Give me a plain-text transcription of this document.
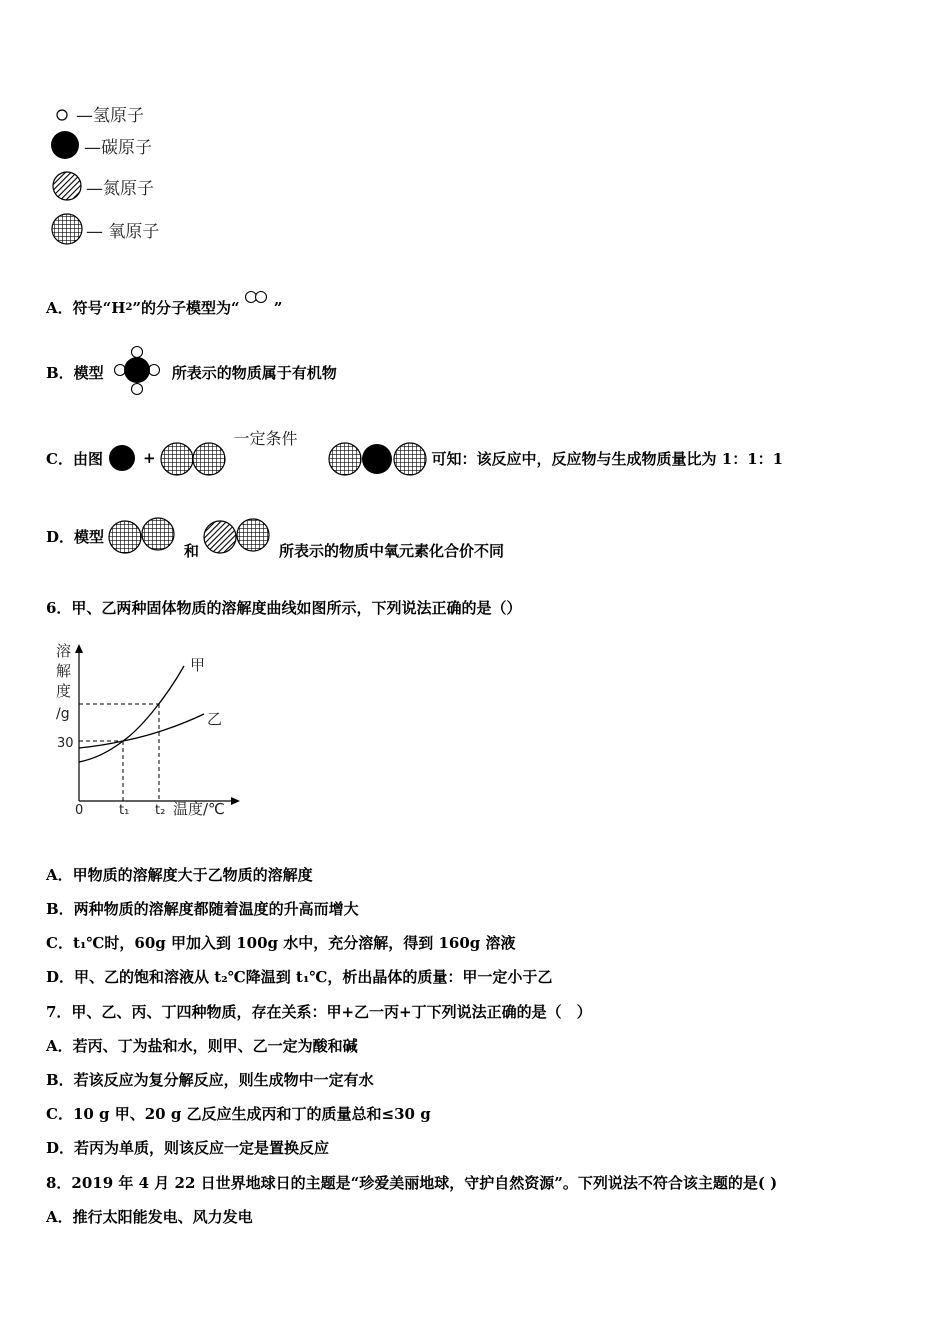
—氢原子
—碳原子
—氮原子
— 氧原子
A．符号“H 2 ”的分子模型为“ ”
B．模型	所表示的物质属于有机物
C．由图	+
一定条件
可知：该反应中，反应物与生成物质量比为 1：1：1
D．模型
和	所表示的物质中氧元素化合价不同
6．甲、乙两种固体物质的溶解度曲线如图所示，下列说法正确的是（）
溶
解
度
/g
30
甲
乙
0	t₁ t₂ 温度/℃
A．甲物质的溶解度大于乙物质的溶解度
B．两种物质的溶解度都随着温度的升高而增大
C．t₁℃时，60g 甲加入到 100g 水中，充分溶解，得到 160g 溶液
D．甲、乙的饱和溶液从 t₂℃降温到 t₁℃，析出晶体的质量：甲一定小于乙
7．甲、乙、丙、丁四种物质，存在关系：甲+乙一丙+丁下列说法正确的是（　）
A．若丙、丁为盐和水，则甲、乙一定为酸和碱
B．若该反应为复分解反应，则生成物中一定有水
C．10 g 甲、20 g 乙反应生成丙和丁的质量总和≤30 g
D．若丙为单质，则该反应一定是置换反应
8．2019 年 4 月 22 日世界地球日的主题是“珍爱美丽地球，守护自然资源”。下列说法不符合该主题的是( )
A．推行太阳能发电、风力发电
